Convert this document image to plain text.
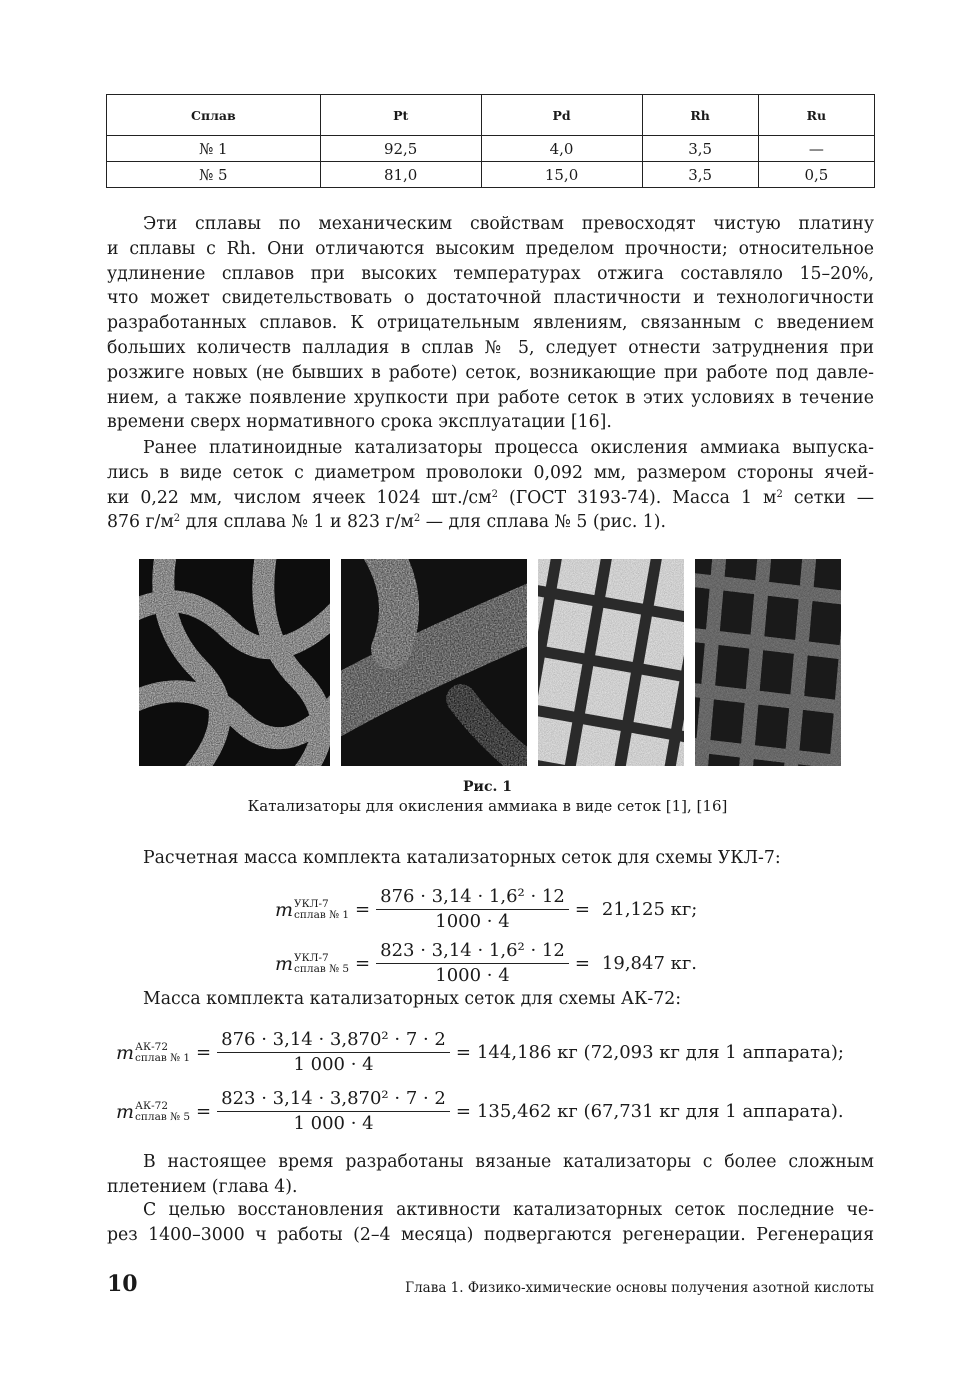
Сплав	Pt	Pd	Rh	Ru
№ 1	92,5	4,0	3,5	—
№ 5	81,0	15,0	3,5	0,5

Эти сплавы по механическим свойствам превосходят чистую платину
и сплавы с Rh. Они отличаются высоким пределом прочности; относительное
удлинение сплавов при высоких температурах отжига составляло 15–20%,
что может свидетельствовать о достаточной пластичности и технологичности
разработанных сплавов. К отрицательным явлениям, связанным с введением
больших количеств палладия в сплав № 5, следует отнести затруднения при
розжиге новых (не бывших в работе) сеток, возникающие при работе под давле-
нием, а также появление хрупкости при работе сеток в этих условиях в течение
времени сверх нормативного срока эксплуатации [16].

Ранее платиноидные катализаторы процесса окисления аммиака выпуска-
лись в виде сеток с диаметром проволоки 0,092 мм, размером стороны ячей-
ки 0,22 мм, числом ячеек 1024 $шт./см^2$ (ГОСТ 3193-74). Масса 1 $м^2$ сетки —
876 $г/м^2$ для сплава № 1 и 823 $г/м^2$ — для сплава № 5 (рис. 1).

Рис. 1
Катализаторы для окисления аммиака в виде сеток [1], [16]

Расчетная масса комплекта катализаторных сеток для схемы УКЛ-7:

m УКЛ-7
сплав № $1 = \frac{\text{876 · 3,14 · 1,6² · 12}}{1000 \cdot 4} = 21,125$ кг;
m УКЛ-7
сплав № $5 = \frac{\text{823 · 3,14 · 1,6² · 12}}{1000 \cdot 4} = 19,847$ кг.

Масса комплекта катализаторных сеток для схемы АК-72:

m АК-72
сплав № $1 = \frac{\text{876 · 3,14 · 3,870² · 7 · 2}}{1 000 \cdot 4} = 144,186$ кг (72,093 кг для 1 аппарата);
m АК-72
сплав № $5 = \frac{\text{823 · 3,14 · 3,870² · 7 · 2}}{1 000 \cdot 4} = 135,462$ кг (67,731 кг для 1 аппарата).

В настоящее время разработаны вязаные катализаторы с более сложным
плетением (глава 4).

С целью восстановления активности катализаторных сеток последние че-
рез 1400–3000 ч работы (2–4 месяца) подвергаются регенерации. Регенерация

10	Глава 1. Физико-химические основы получения азотной кислоты
